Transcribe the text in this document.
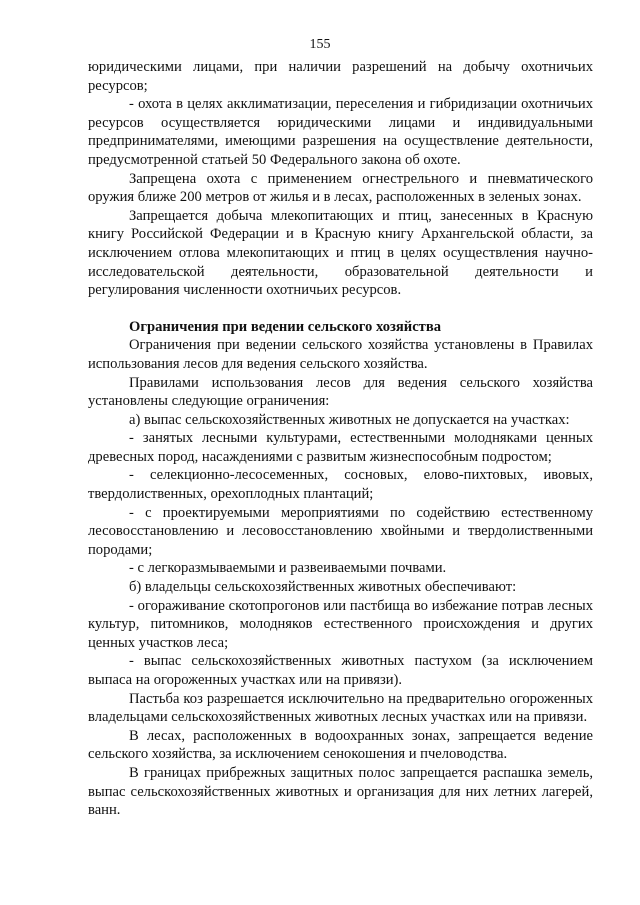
155

юридическими лицами, при наличии разрешений на добычу охотничьих ресурсов;

- охота в целях акклиматизации, переселения и гибридизации охотничьих ресурсов осуществляется юридическими лицами и индивидуальными предпринимателями, имеющими разрешения на осуществление деятельности, предусмотренной статьей 50 Федерального закона об охоте.

Запрещена охота с применением огнестрельного и пневматического оружия ближе 200 метров от жилья и в лесах, расположенных в зеленых зонах.

Запрещается добыча млекопитающих и птиц, занесенных в Красную книгу Российской Федерации и в Красную книгу Архангельской области, за исключением отлова млекопитающих и птиц в целях осуществления научно-исследовательской деятельности, образовательной деятельности и регулирования численности охотничьих ресурсов.

Ограничения при ведении сельского хозяйства

Ограничения при ведении сельского хозяйства установлены в Правилах использования лесов для ведения сельского хозяйства.

Правилами использования лесов для ведения сельского хозяйства установлены следующие ограничения:

а) выпас сельскохозяйственных животных не допускается на участках:

- занятых лесными культурами, естественными молодняками ценных древесных пород, насаждениями с развитым жизнеспособным подростом;

- селекционно-лесосеменных, сосновых, елово-пихтовых, ивовых, твердолиственных, орехоплодных плантаций;

- с проектируемыми мероприятиями по содействию естественному лесовосстановлению и лесовосстановлению хвойными и твердолиственными породами;

- с легкоразмываемыми и развеиваемыми почвами.

б) владельцы сельскохозяйственных животных обеспечивают:

- огораживание скотопрогонов или пастбища во избежание потрав лесных культур, питомников, молодняков естественного происхождения и других ценных участков леса;

- выпас сельскохозяйственных животных пастухом (за исключением выпаса на огороженных участках или на привязи).

Пастьба коз разрешается исключительно на предварительно огороженных владельцами сельскохозяйственных животных лесных участках или на привязи.

В лесах, расположенных в водоохранных зонах, запрещается ведение сельского хозяйства, за исключением сенокошения и пчеловодства.

В границах прибрежных защитных полос запрещается распашка земель, выпас сельскохозяйственных животных и организация для них летних лагерей, ванн.
